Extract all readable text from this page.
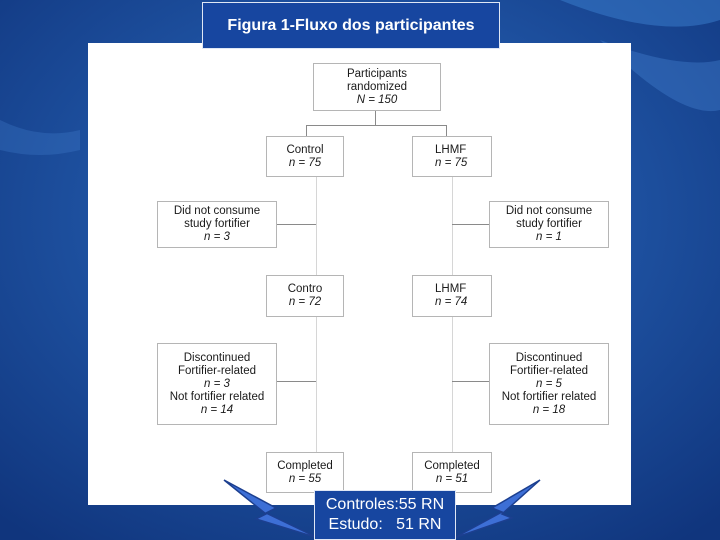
Figura 1-Fluxo dos participantes
Participants
randomized
N = 150
Control
n = 75
LHMF
n = 75
Did not consume
study fortifier
n = 3
Did not consume
study fortifier
n = 1
Contro
n = 72
LHMF
n = 74
Discontinued
Fortifier-related
n = 3
Not fortifier related
n = 14
Discontinued
Fortifier-related
n = 5
Not fortifier related
n = 18
Completed
n = 55
Completed
n = 51
Controles:55 RN
Estudo:   51 RN
